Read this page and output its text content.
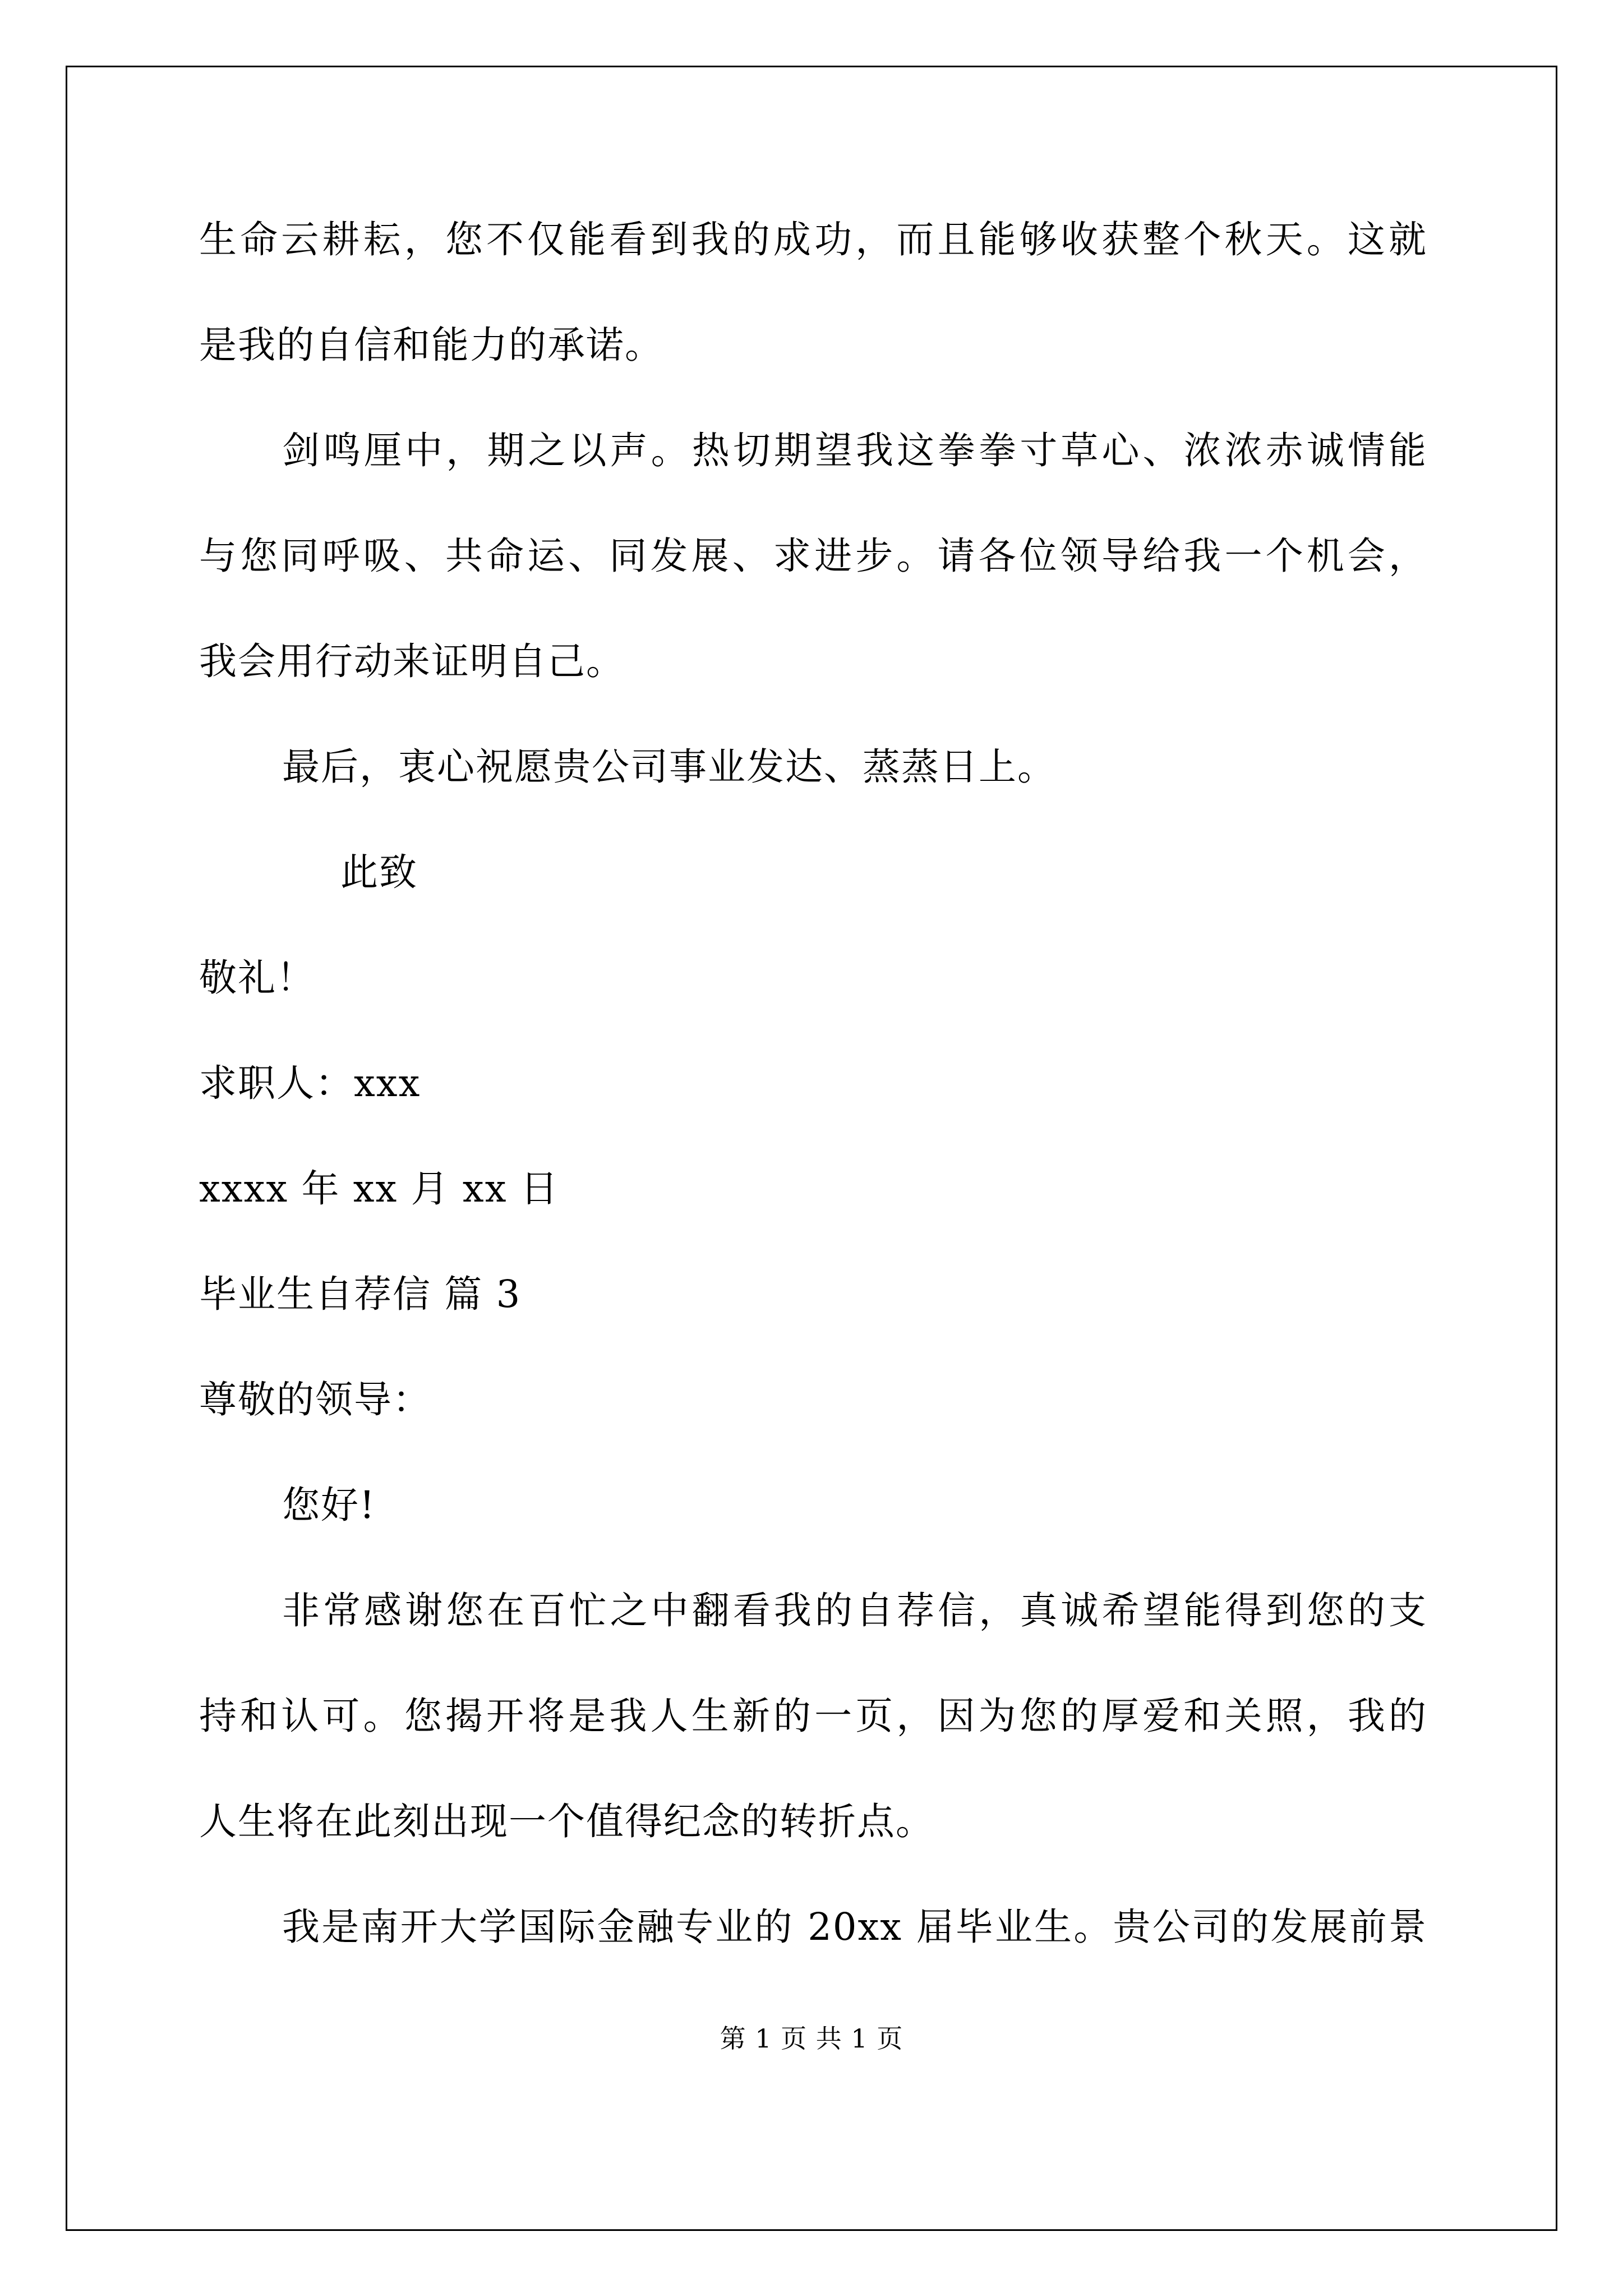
生命云耕耘，您不仅能看到我的成功，而且能够收获整个秋天。这就
是我的自信和能力的承诺。
剑鸣厘中，期之以声。热切期望我这拳拳寸草心、浓浓赤诚情能
与您同呼吸、共命运、同发展、求进步。请各位领导给我一个机会，
我会用行动来证明自己。
最后，衷心祝愿贵公司事业发达、蒸蒸日上。
此致
敬礼！
求职人：xxx
xxxx 年 xx 月 xx 日
毕业生自荐信 篇 3
尊敬的领导：
您好!
非常感谢您在百忙之中翻看我的自荐信，真诚希望能得到您的支
持和认可。您揭开将是我人生新的一页，因为您的厚爱和关照，我的
人生将在此刻出现一个值得纪念的转折点。
我是南开大学国际金融专业的 20xx 届毕业生。贵公司的发展前景
第 1 页 共 1 页
